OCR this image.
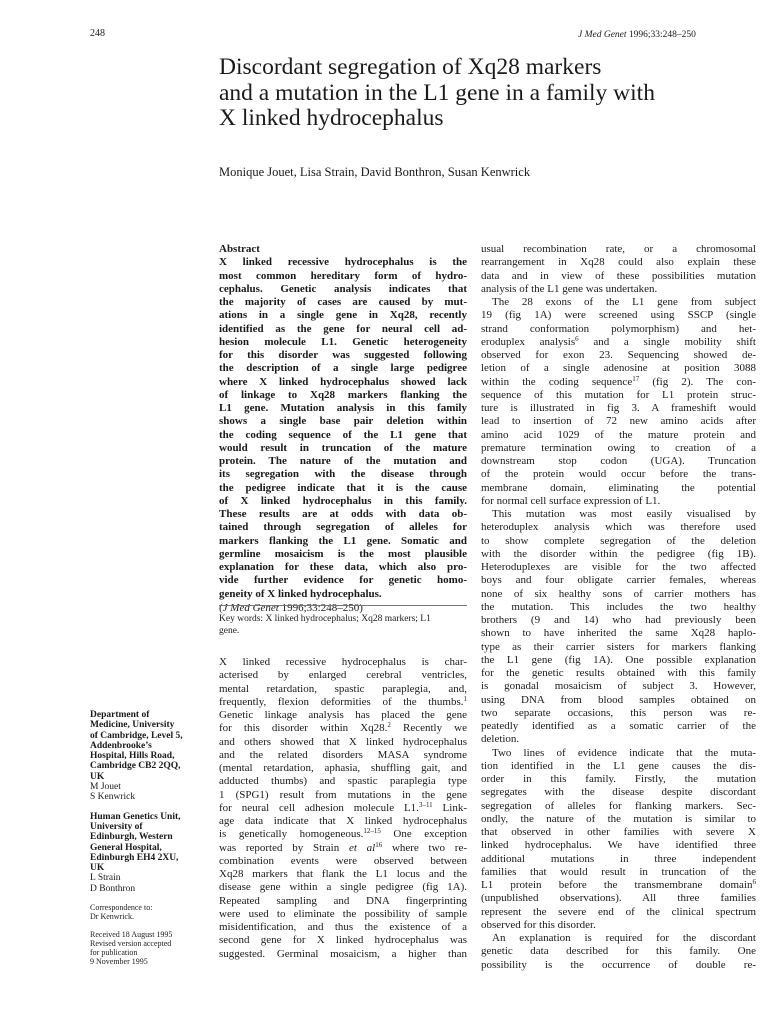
248	J Med Genet 1996;33:248–250
Discordant segregation of Xq28 markers
and a mutation in the L1 gene in a family with
X linked hydrocephalus
Monique Jouet, Lisa Strain, David Bonthron, Susan Kenwrick
Abstract
X linked recessive hydrocephalus is the
most common hereditary form of hydro-
cephalus. Genetic analysis indicates that
the majority of cases are caused by mut-
ations in a single gene in Xq28, recently
identified as the gene for neural cell ad-
hesion molecule L1. Genetic heterogeneity
for this disorder was suggested following
the description of a single large pedigree
where X linked hydrocephalus showed lack
of linkage to Xq28 markers flanking the
L1 gene. Mutation analysis in this family
shows a single base pair deletion within
the coding sequence of the L1 gene that
would result in truncation of the mature
protein. The nature of the mutation and
its segregation with the disease through
the pedigree indicate that it is the cause
of X linked hydrocephalus in this family.
These results are at odds with data ob-
tained through segregation of alleles for
markers flanking the L1 gene. Somatic and
germline mosaicism is the most plausible
explanation for these data, which also pro-
vide further evidence for genetic homo-
geneity of X linked hydrocephalus.
(J Med Genet 1996;33:248–250)
Key words: X linked hydrocephalus; Xq28 markers; L1
gene.
X linked recessive hydrocephalus is char-
acterised by enlarged cerebral ventricles,
mental retardation, spastic paraplegia, and,
frequently, flexion deformities of the thumbs.$^1$
Genetic linkage analysis has placed the gene
for this disorder within Xq28.$^2$ Recently we
and others showed that X linked hydrocephalus
and the related disorders MASA syndrome
(mental retardation, aphasia, shuffling gait, and
adducted thumbs) and spastic paraplegia type
1 (SPG1) result from mutations in the gene
for neural cell adhesion molecule L1.$^{3-11}$ Link-
age data indicate that X linked hydrocephalus
is genetically homogeneous.$^{12-15}$ One exception
was reported by Strain et $al^{16}$ where two re-
combination events were observed between
Xq28 markers that flank the L1 locus and the
disease gene within a single pedigree (fig 1A).
Repeated sampling and DNA fingerprinting
were used to eliminate the possibility of sample
misidentification, and thus the existence of a
second gene for X linked hydrocephalus was
suggested. Germinal mosaicism, a higher than
usual recombination rate, or a chromosomal
rearrangement in Xq28 could also explain these
data and in view of these possibilities mutation
analysis of the L1 gene was undertaken.
The 28 exons of the L1 gene from subject
19 (fig 1A) were screened using SSCP (single
strand conformation polymorphism) and het-
eroduplex analysis$^6$ and a single mobility shift
observed for exon 23. Sequencing showed de-
letion of a single adenosine at position 3088
within the coding sequence$^{17}$ (fig 2). The con-
sequence of this mutation for L1 protein struc-
ture is illustrated in fig 3. A frameshift would
lead to insertion of 72 new amino acids after
amino acid 1029 of the mature protein and
premature termination owing to creation of a
downstream stop codon (UGA). Truncation
of the protein would occur before the trans-
membrane domain, eliminating the potential
for normal cell surface expression of L1.
This mutation was most easily visualised by
heteroduplex analysis which was therefore used
to show complete segregation of the deletion
with the disorder within the pedigree (fig 1B).
Heteroduplexes are visible for the two affected
boys and four obligate carrier females, whereas
none of six healthy sons of carrier mothers has
the mutation. This includes the two healthy
brothers (9 and 14) who had previously been
shown to have inherited the same Xq28 haplo-
type as their carrier sisters for markers flanking
the L1 gene (fig 1A). One possible explanation
for the genetic results obtained with this family
is gonadal mosaicism of subject 3. However,
using DNA from blood samples obtained on
two separate occasions, this person was re-
peatedly identified as a somatic carrier of the
deletion.
Two lines of evidence indicate that the muta-
tion identified in the L1 gene causes the dis-
order in this family. Firstly, the mutation
segregates with the disease despite discordant
segregation of alleles for flanking markers. Sec-
ondly, the nature of the mutation is similar to
that observed in other families with severe X
linked hydrocephalus. We have identified three
additional mutations in three independent
families that would result in truncation of the
L1 protein before the transmembrane domain$^6$
(unpublished observations). All three families
represent the severe end of the clinical spectrum
observed for this disorder.
An explanation is required for the discordant
genetic data described for this family. One
possibility is the occurrence of double re-
Department of
Medicine, University
of Cambridge, Level 5,
Addenbrooke’s
Hospital, Hills Road,
Cambridge CB2 2QQ,
UK
M Jouet
S Kenwrick
Human Genetics Unit,
University of
Edinburgh, Western
General Hospital,
Edinburgh EH4 2XU,
UK
L Strain
D Bonthron
Correspondence to:
Dr Kenwrick.
Received 18 August 1995
Revised version accepted
for publication
9 November 1995
